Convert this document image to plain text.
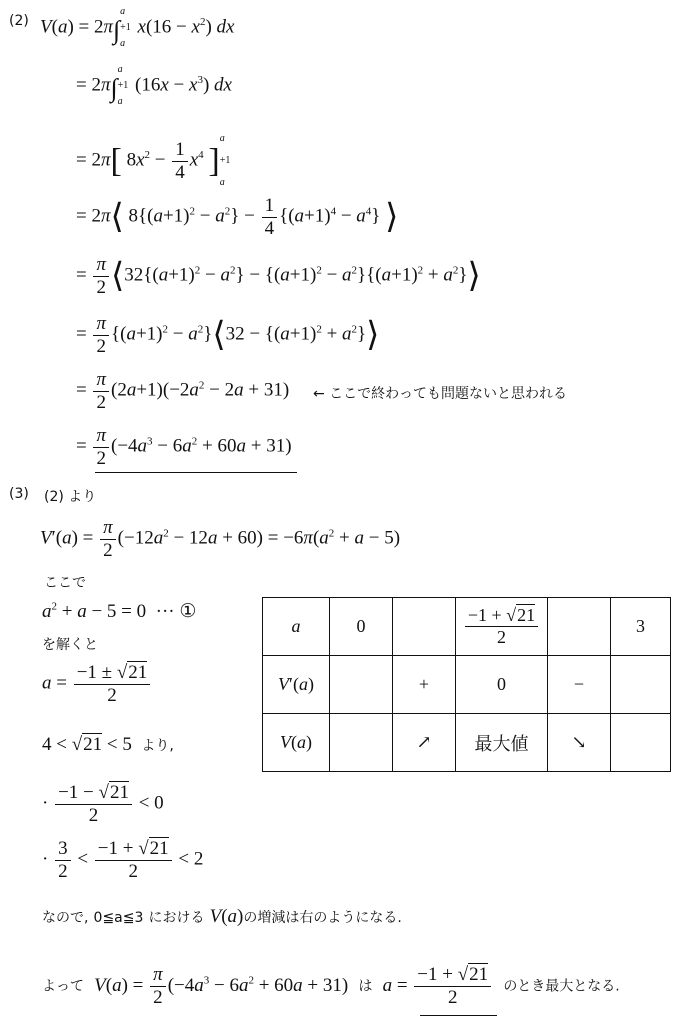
(2) V(a) = 2π∫
a
+1
a
$x(16 - x^2)$ dx
= 2π∫
a
+1
a
$(16x - x^3)$ dx
= 2π[ $8x^2 - \frac{1}{4} x^4$ ]
a
+1
a
= 2π⟨ $8\{(a+1)^2 - a^2\} - \frac{1}{4} \{(a+1)^4 - a^4\}$ ⟩
= $\frac{\pi}{2}$ $⟨32\{(a+1)^2 - a^2\} - \{(a+1)^2 - a^2\}\{(a+1)^2$ + $a^2\}⟩$
= $\frac{\pi}{2} \{(a+1)^2$ − $a^2\}⟨32 - \{(a+1)^2$ + $a^2\}⟩$
= $\frac{\pi}{2} (2a+1)(-2a^2 - 2a + 31)$ ← ここで終わっても問題ないと思われる
= $\frac{\pi}{2} (-4a^3 - 6a^2 + 60a + 31)$
(3) (2) より
$V'(a) = \frac{\pi}{2} (-12a^2 - 12a + 60) = -6\pi(a^2 + a - 5)$
ここで
$a^2 + a - 5 = 0$  ··· ①
を解くと
$a = \frac{-1 \pm √21}{2}$
4 < √21 < 5  より,
· $\frac{-1 - √21}{2} < 0$
· $\frac{3}{2} < \frac{-1 + √21}{2} < 2$
なので, 0≦a≦3 における V(a)の増減は右のようになる.
よって $V(a) = \frac{\pi}{2} (-4a^3 - 6a^2 + 60a + 31)$ は $a = \frac{-1 + √21}{2}$ のとき最大となる.
a	0		$\frac{-1 + √21}{2}$		3
V′(a)		+	0	−	
V(a)		↗	最大値	↘	
